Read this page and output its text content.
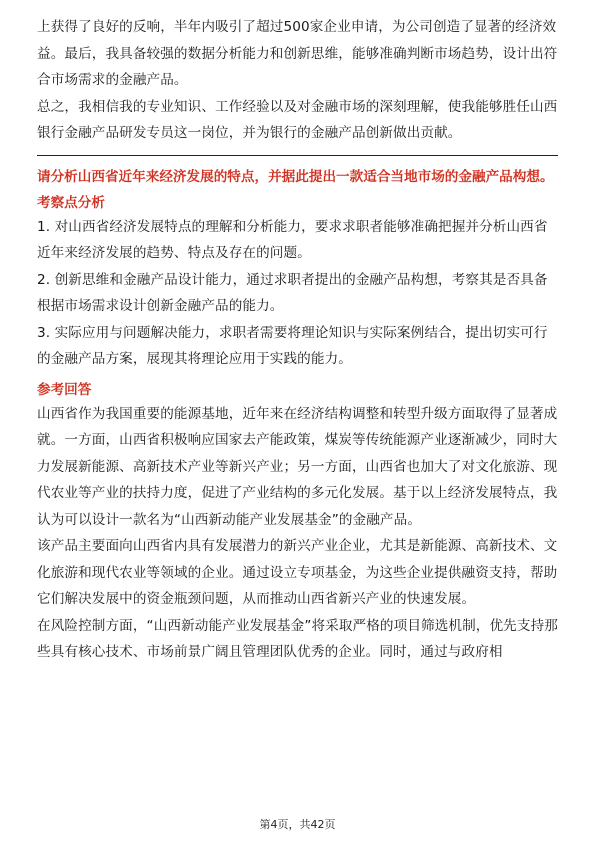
上获得了良好的反响，半年内吸引了超过500家企业申请，为公司创造了显著的经济效益。最后，我具备较强的数据分析能力和创新思维，能够准确判断市场趋势，设计出符合市场需求的金融产品。

总之，我相信我的专业知识、工作经验以及对金融市场的深刻理解，使我能够胜任山西银行金融产品研发专员这一岗位，并为银行的金融产品创新做出贡献。

请分析山西省近年来经济发展的特点，并据此提出一款适合当地市场的金融产品构想。
考察点分析

1. 对山西省经济发展特点的理解和分析能力，要求求职者能够准确把握并分析山西省近年来经济发展的趋势、特点及存在的问题。

2. 创新思维和金融产品设计能力，通过求职者提出的金融产品构想，考察其是否具备根据市场需求设计创新金融产品的能力。

3. 实际应用与问题解决能力，求职者需要将理论知识与实际案例结合，提出切实可行的金融产品方案，展现其将理论应用于实践的能力。

参考回答

山西省作为我国重要的能源基地，近年来在经济结构调整和转型升级方面取得了显著成就。一方面，山西省积极响应国家去产能政策，煤炭等传统能源产业逐渐减少，同时大力发展新能源、高新技术产业等新兴产业；另一方面，山西省也加大了对文化旅游、现代农业等产业的扶持力度，促进了产业结构的多元化发展。基于以上经济发展特点，我认为可以设计一款名为“山西新动能产业发展基金”的金融产品。

该产品主要面向山西省内具有发展潜力的新兴产业企业，尤其是新能源、高新技术、文化旅游和现代农业等领域的企业。通过设立专项基金，为这些企业提供融资支持，帮助它们解决发展中的资金瓶颈问题，从而推动山西省新兴产业的快速发展。

在风险控制方面，“山西新动能产业发展基金”将采取严格的项目筛选机制，优先支持那些具有核心技术、市场前景广阔且管理团队优秀的企业。同时，通过与政府相

第4页，共42页
